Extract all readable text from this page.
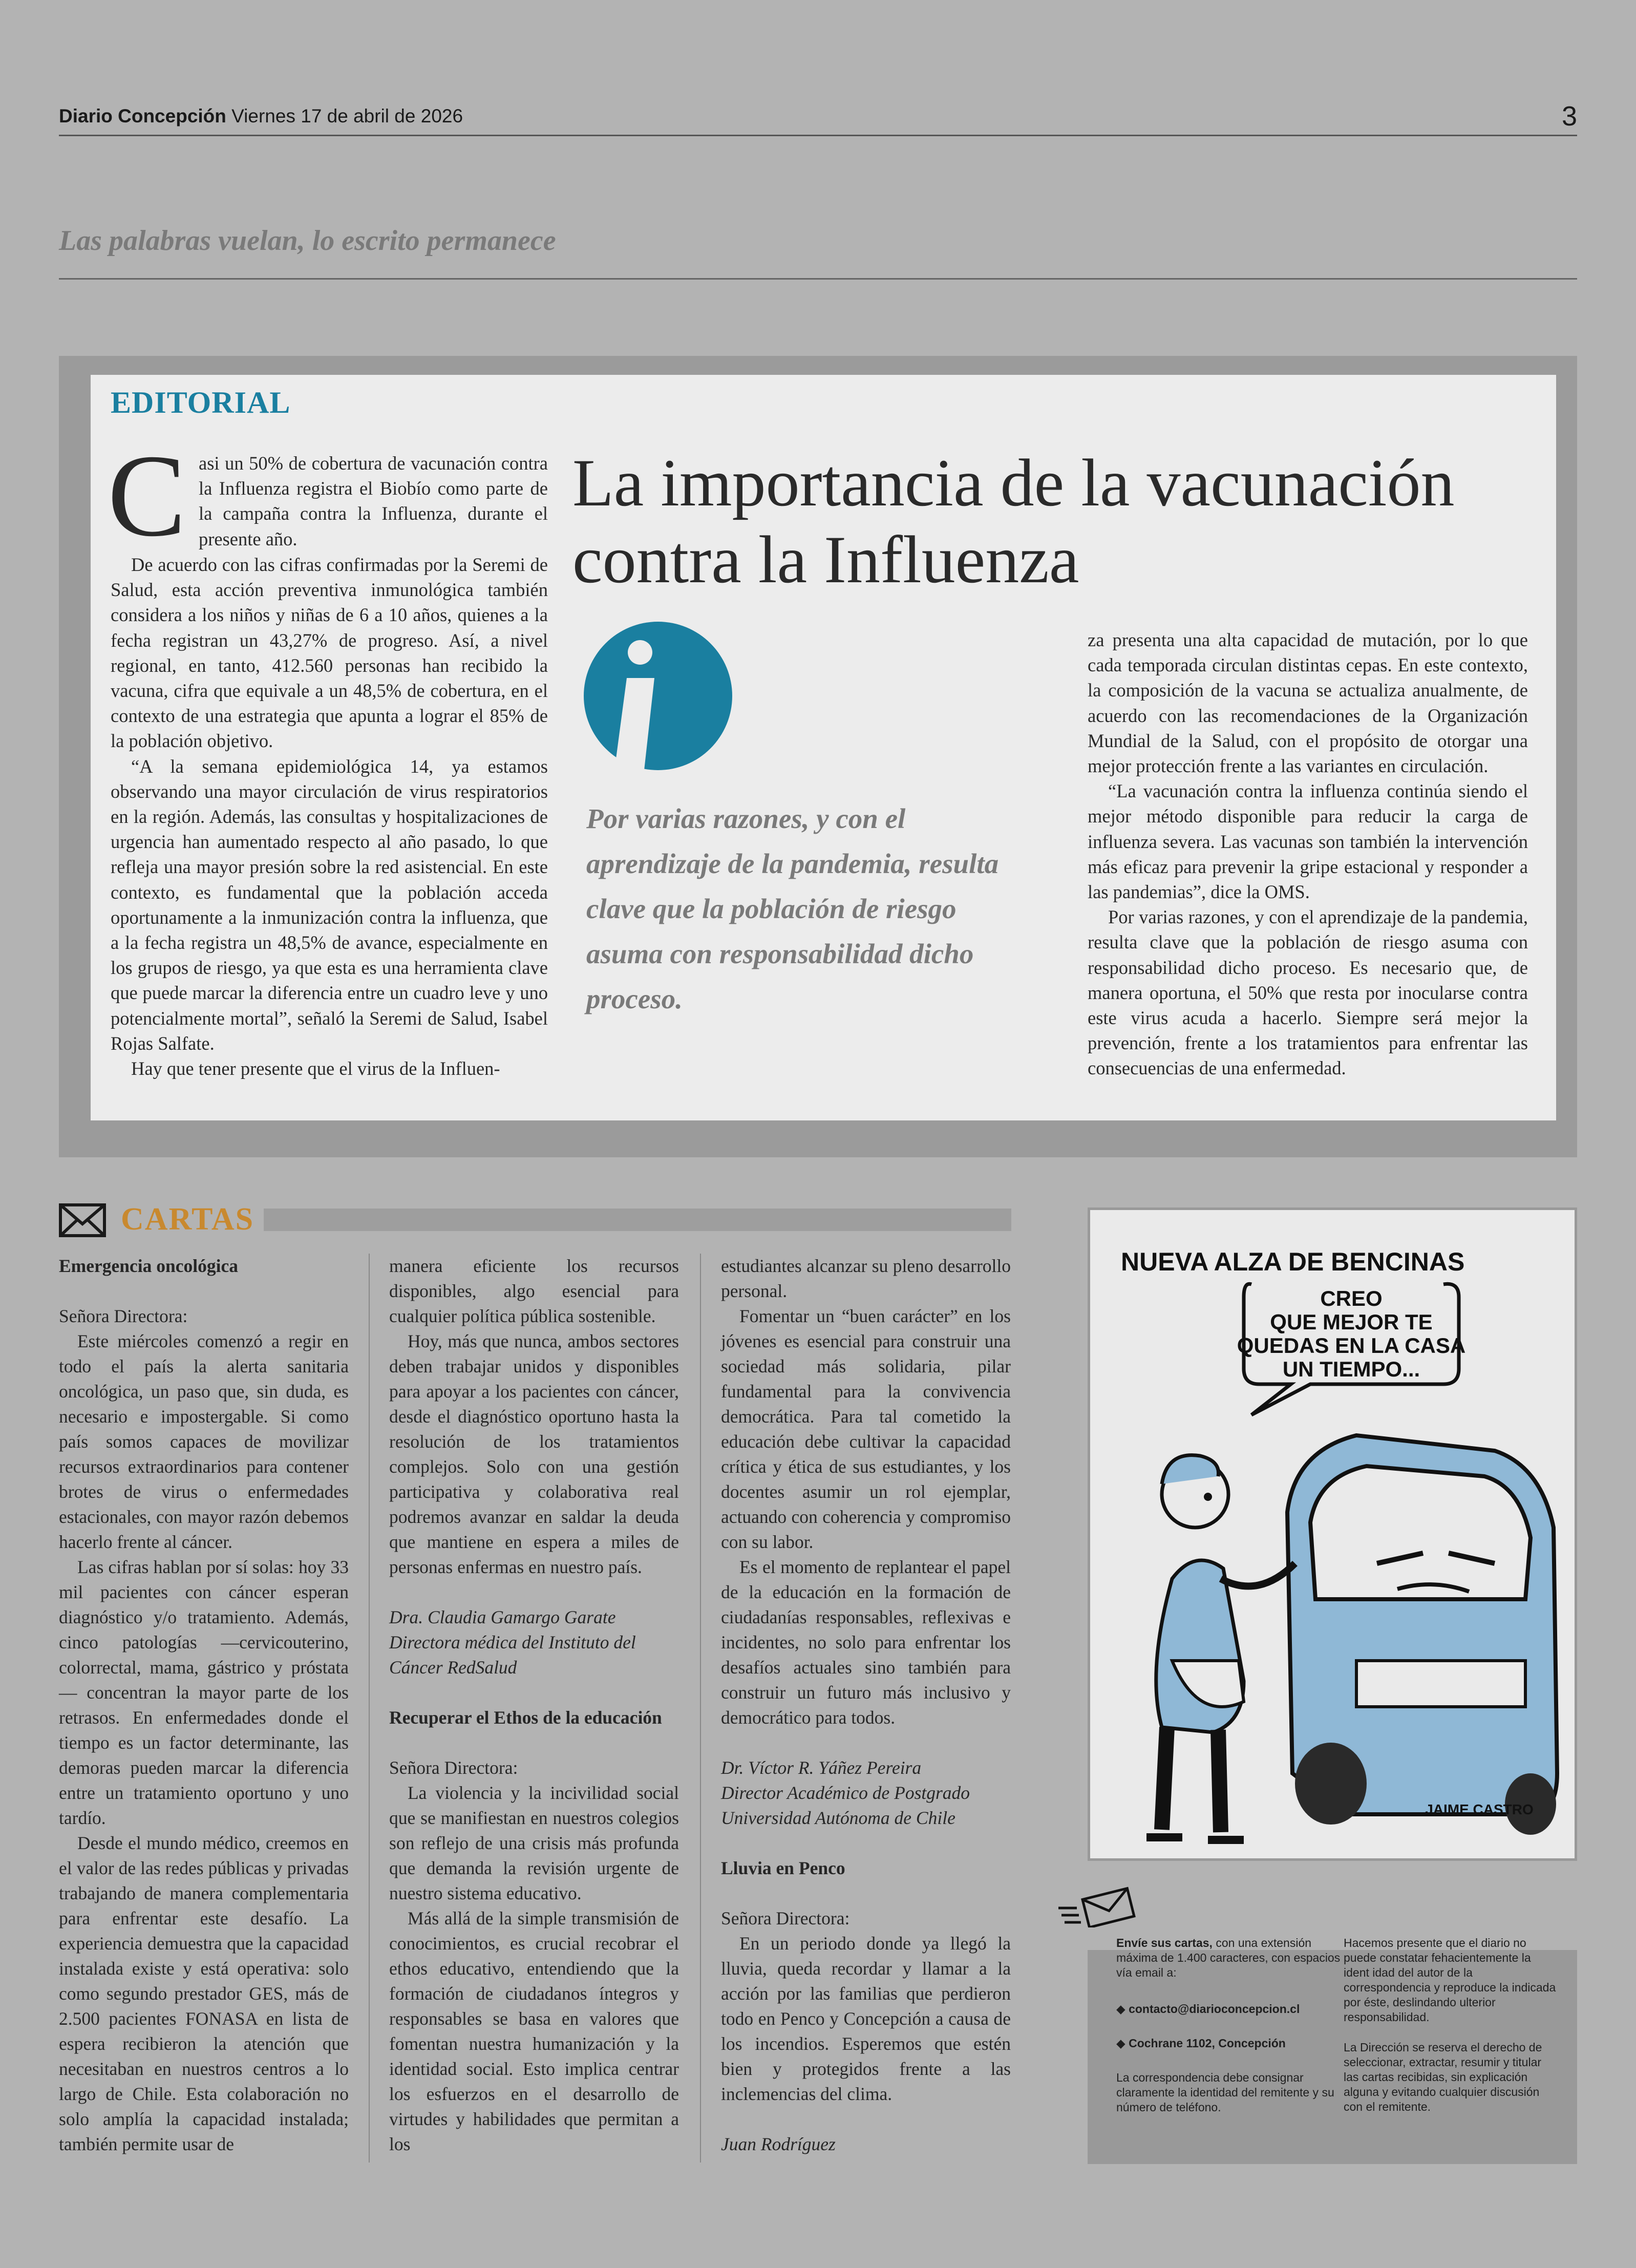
Diario Concepción Viernes 17 de abril de 2026	3
Las palabras vuelan, lo escrito permanece
EDITORIAL
C asi un 50% de cobertura de vacunación contra la Influenza registra el Biobío como parte de la campaña contra la Influenza, durante el presente año.

De acuerdo con las cifras confirmadas por la Seremi de Salud, esta acción preventiva inmunológica también considera a los niños y niñas de 6 a 10 años, quienes a la fecha registran un 43,27% de progreso. Así, a nivel regional, en tanto, 412.560 personas han recibido la vacuna, cifra que equivale a un 48,5% de cobertura, en el contexto de una estrategia que apunta a lograr el 85% de la población objetivo.

“A la semana epidemiológica 14, ya estamos observando una mayor circulación de virus respiratorios en la región. Además, las consultas y hospitalizaciones de urgencia han aumentado respecto al año pasado, lo que refleja una mayor presión sobre la red asistencial. En este contexto, es fundamental que la población acceda oportunamente a la inmunización contra la influenza, que a la fecha registra un 48,5% de avance, especialmente en los grupos de riesgo, ya que esta es una herramienta clave que puede marcar la diferencia entre un cuadro leve y uno potencialmente mortal”, señaló la Seremi de Salud, Isabel Rojas Salfate.

Hay que tener presente que el virus de la Influen-

La importancia de la vacunación contra la Influenza
Por varias razones, y con el aprendizaje de la pandemia, resulta clave que la población de riesgo asuma con responsabilidad dicho proceso.

za presenta una alta capacidad de mutación, por lo que cada temporada circulan distintas cepas. En este contexto, la composición de la vacuna se actualiza anualmente, de acuerdo con las recomendaciones de la Organización Mundial de la Salud, con el propósito de otorgar una mejor protección frente a las variantes en circulación.

“La vacunación contra la influenza continúa siendo el mejor método disponible para reducir la carga de influenza severa. Las vacunas son también la intervención más eficaz para prevenir la gripe estacional y responder a las pandemias”, dice la OMS.

Por varias razones, y con el aprendizaje de la pandemia, resulta clave que la población de riesgo asuma con responsabilidad dicho proceso. Es necesario que, de manera oportuna, el 50% que resta por inocularse contra este virus acuda a hacerlo. Siempre será mejor la prevención, frente a los tratamientos para enfrentar las consecuencias de una enfermedad.

CARTAS

Emergencia oncológica

Señora Directora:

Este miércoles comenzó a regir en todo el país la alerta sanitaria oncológica, un paso que, sin duda, es necesario e impostergable. Si como país somos capaces de movilizar recursos extraordinarios para contener brotes de virus o enfermedades estacionales, con mayor razón debemos hacerlo frente al cáncer.

Las cifras hablan por sí solas: hoy 33 mil pacientes con cáncer esperan diagnóstico y/o tratamiento. Además, cinco patologías —cervicouterino, colorrectal, mama, gástrico y próstata— concentran la mayor parte de los retrasos. En enfermedades donde el tiempo es un factor determinante, las demoras pueden marcar la diferencia entre un tratamiento oportuno y uno tardío.

Desde el mundo médico, creemos en el valor de las redes públicas y privadas trabajando de manera complementaria para enfrentar este desafío. La experiencia demuestra que la capacidad instalada existe y está operativa: solo como segundo prestador GES, más de 2.500 pacientes FONASA en lista de espera recibieron la atención que necesitaban en nuestros centros a lo largo de Chile. Esta colaboración no solo amplía la capacidad instalada; también permite usar de

manera eficiente los recursos disponibles, algo esencial para cualquier política pública sostenible.

Hoy, más que nunca, ambos sectores deben trabajar unidos y disponibles para apoyar a los pacientes con cáncer, desde el diagnóstico oportuno hasta la resolución de los tratamientos complejos. Solo con una gestión participativa y colaborativa real podremos avanzar en saldar la deuda que mantiene en espera a miles de personas enfermas en nuestro país.

Dra. Claudia Gamargo Garate

Directora médica del Instituto del

Cáncer RedSalud

Recuperar el Ethos de la educación

Señora Directora:

La violencia y la incivilidad social que se manifiestan en nuestros colegios son reflejo de una crisis más profunda que demanda la revisión urgente de nuestro sistema educativo.

Más allá de la simple transmisión de conocimientos, es crucial recobrar el ethos educativo, entendiendo que la formación de ciudadanos íntegros y responsables se basa en valores que fomentan nuestra humanización y la identidad social. Esto implica centrar los esfuerzos en el desarrollo de virtudes y habilidades que permitan a los

estudiantes alcanzar su pleno desarrollo personal.

Fomentar un “buen carácter” en los jóvenes es esencial para construir una sociedad más solidaria, pilar fundamental para la convivencia democrática. Para tal cometido la educación debe cultivar la capacidad crítica y ética de sus estudiantes, y los docentes asumir un rol ejemplar, actuando con coherencia y compromiso con su labor.

Es el momento de replantear el papel de la educación en la formación de ciudadanías responsables, reflexivas e incidentes, no solo para enfrentar los desafíos actuales sino también para construir un futuro más inclusivo y democrático para todos.

Dr. Víctor R. Yáñez Pereira

Director Académico de Postgrado

Universidad Autónoma de Chile

Lluvia en Penco

Señora Directora:

En un periodo donde ya llegó la lluvia, queda recordar y llamar a la acción por las familias que perdieron todo en Penco y Concepción a causa de los incendios. Esperemos que estén bien y protegidos frente a las inclemencias del clima.

Juan Rodríguez

NUEVA ALZA DE BENCINAS
CREO
QUE MEJOR TE
QUEDAS EN LA CASA
UN TIEMPO...
JAIME CASTRO
Envíe sus cartas, con una extensión máxima de 1.400 caracteres, con espacios vía email a:
◆ contacto@diarioconcepcion.cl
◆ Cochrane 1102, Concepción
La correspondencia debe consignar claramente la identidad del remitente y su número de teléfono.
Hacemos presente que el diario no puede constatar fehacientemente la ident idad del autor de la correspondencia y reproduce la indicada por éste, deslindando ulterior responsabilidad.
La Dirección se reserva el derecho de seleccionar, extractar, resumir y titular las cartas recibidas, sin explicación alguna y evitando cualquier discusión con el remitente.
